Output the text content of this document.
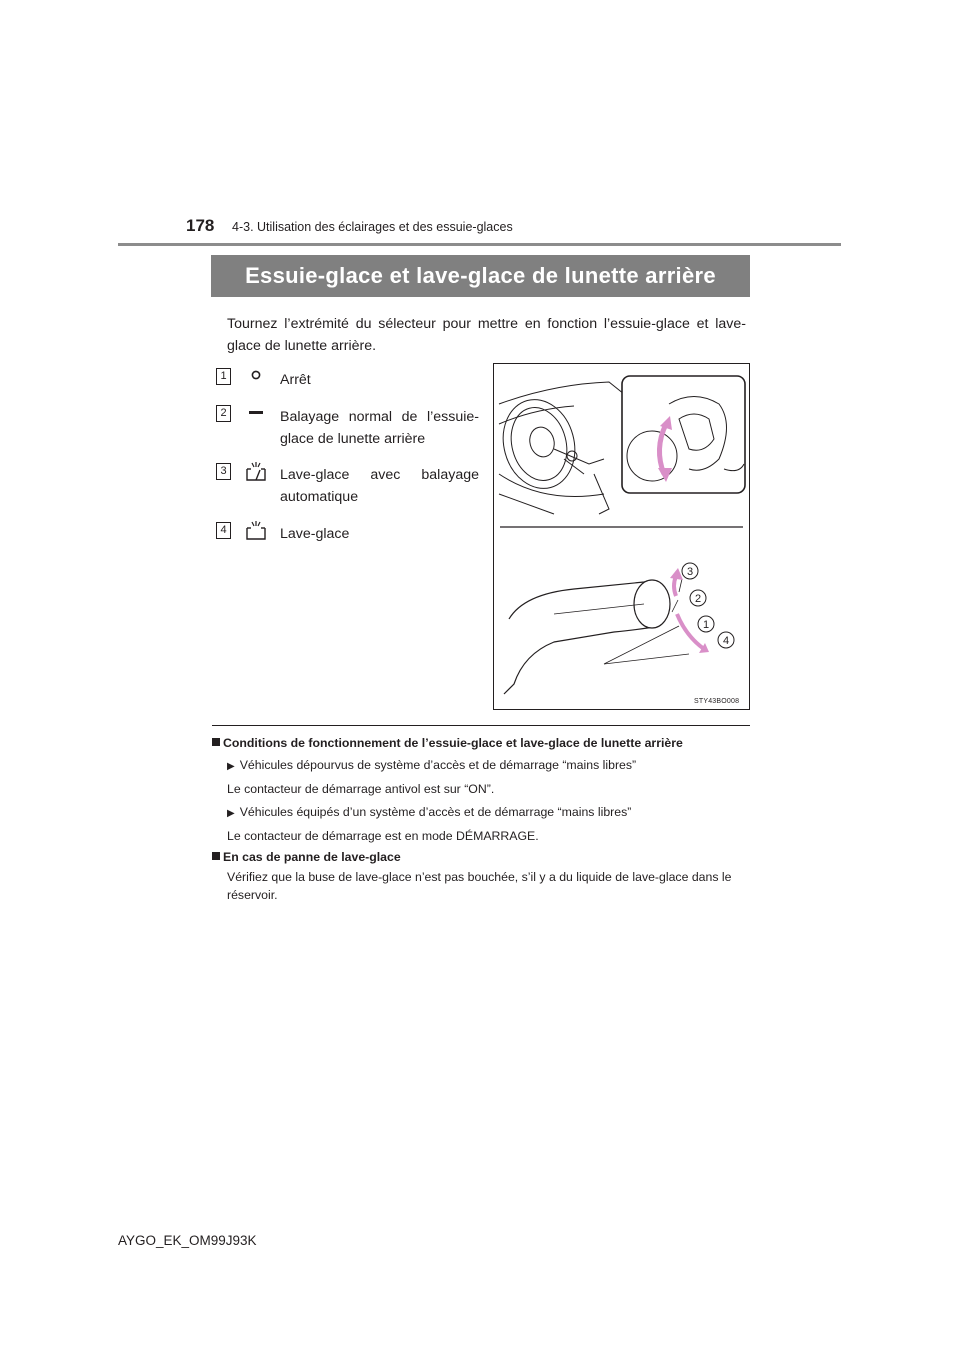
178 4-3. Utilisation des éclairages et des essuie-glaces
Essuie-glace et lave-glace de lunette arrière
Tournez l’extrémité du sélecteur pour mettre en fonction l’essuie-glace et lave-glace de lunette arrière.
1	Arrêt
2	Balayage normal de l’essuie-glace de lunette arrière
3	Lave-glace avec balayage automatique
4	Lave-glace
3
2
1
4
STY43BO008
Conditions de fonctionnement de l’essuie-glace et lave-glace de lunette arrière
▶ Véhicules dépourvus de système d’accès et de démarrage “mains libres”
Le contacteur de démarrage antivol est sur “ON”.
▶ Véhicules équipés d’un système d’accès et de démarrage “mains libres”
Le contacteur de démarrage est en mode DÉMARRAGE.
En cas de panne de lave-glace
Vérifiez que la buse de lave-glace n’est pas bouchée, s’il y a du liquide de lave-glace dans le réservoir.
AYGO_EK_OM99J93K
